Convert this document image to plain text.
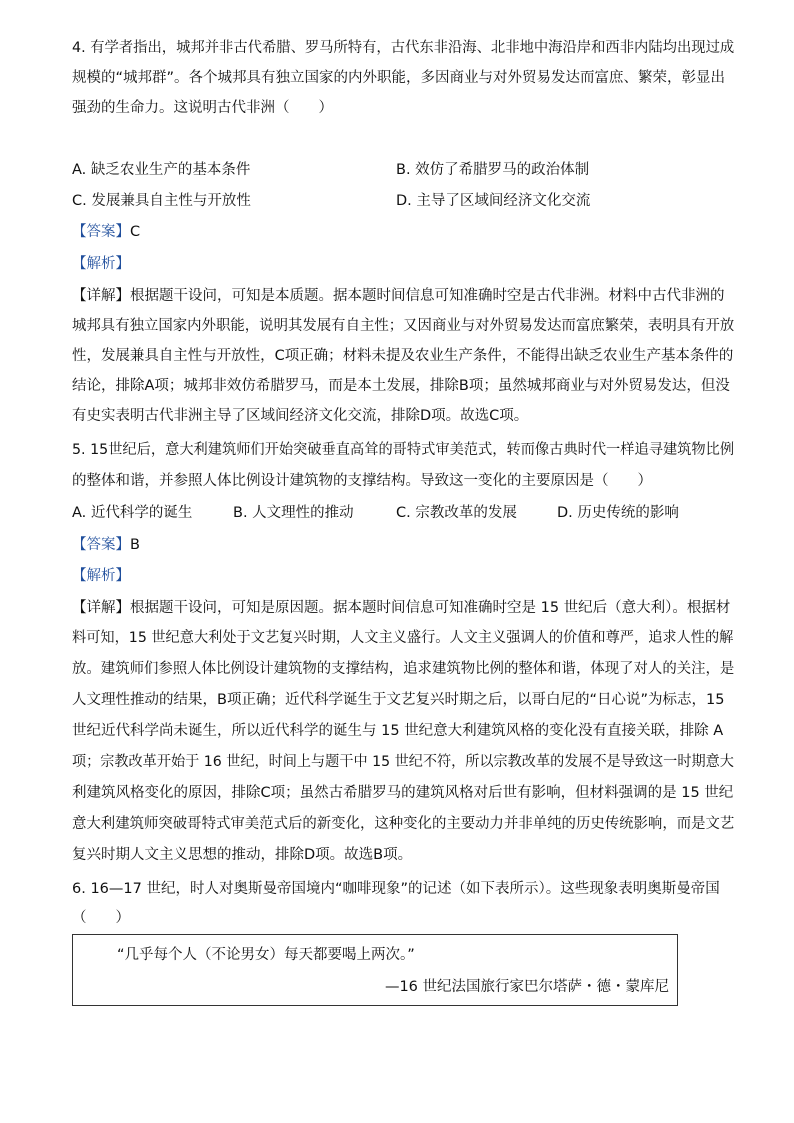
4. 有学者指出，城邦并非古代希腊、罗马所特有，古代东非沿海、北非地中海沿岸和西非内陆均出现过成
规模的“城邦群”。各个城邦具有独立国家的内外职能，多因商业与对外贸易发达而富庶、繁荣，彰显出
强劲的生命力。这说明古代非洲（　　）
A. 缺乏农业生产的基本条件	B. 效仿了希腊罗马的政治体制
C. 发展兼具自主性与开放性	D. 主导了区域间经济文化交流
【答案】C
【解析】
【详解】根据题干设问，可知是本质题。据本题时间信息可知准确时空是古代非洲。材料中古代非洲的
城邦具有独立国家内外职能，说明其发展有自主性；又因商业与对外贸易发达而富庶繁荣，表明具有开放
性，发展兼具自主性与开放性，C项正确；材料未提及农业生产条件，不能得出缺乏农业生产基本条件的
结论，排除A项；城邦非效仿希腊罗马，而是本土发展，排除B项；虽然城邦商业与对外贸易发达，但没
有史实表明古代非洲主导了区域间经济文化交流，排除D项。故选C项。
5. 15世纪后，意大利建筑师们开始突破垂直高耸的哥特式审美范式，转而像古典时代一样追寻建筑物比例
的整体和谐，并参照人体比例设计建筑物的支撑结构。导致这一变化的主要原因是（　　）
A. 近代科学的诞生	B. 人文理性的推动	C. 宗教改革的发展	D. 历史传统的影响
【答案】B
【解析】
【详解】根据题干设问，可知是原因题。据本题时间信息可知准确时空是 15 世纪后（意大利）。根据材
料可知，15 世纪意大利处于文艺复兴时期，人文主义盛行。人文主义强调人的价值和尊严，追求人性的解
放。建筑师们参照人体比例设计建筑物的支撑结构，追求建筑物比例的整体和谐，体现了对人的关注，是
人文理性推动的结果，B项正确；近代科学诞生于文艺复兴时期之后，以哥白尼的“日心说”为标志，15
世纪近代科学尚未诞生，所以近代科学的诞生与 15 世纪意大利建筑风格的变化没有直接关联，排除 A
项；宗教改革开始于 16 世纪，时间上与题干中 15 世纪不符，所以宗教改革的发展不是导致这一时期意大
利建筑风格变化的原因，排除C项；虽然古希腊罗马的建筑风格对后世有影响，但材料强调的是 15 世纪
意大利建筑师突破哥特式审美范式后的新变化，这种变化的主要动力并非单纯的历史传统影响，而是文艺
复兴时期人文主义思想的推动，排除D项。故选B项。
6. 16—17 世纪，时人对奥斯曼帝国境内“咖啡现象”的记述（如下表所示）。这些现象表明奥斯曼帝国
（　　）
“几乎每个人（不论男女）每天都要喝上两次。”
—16 世纪法国旅行家巴尔塔萨・德・蒙库尼
